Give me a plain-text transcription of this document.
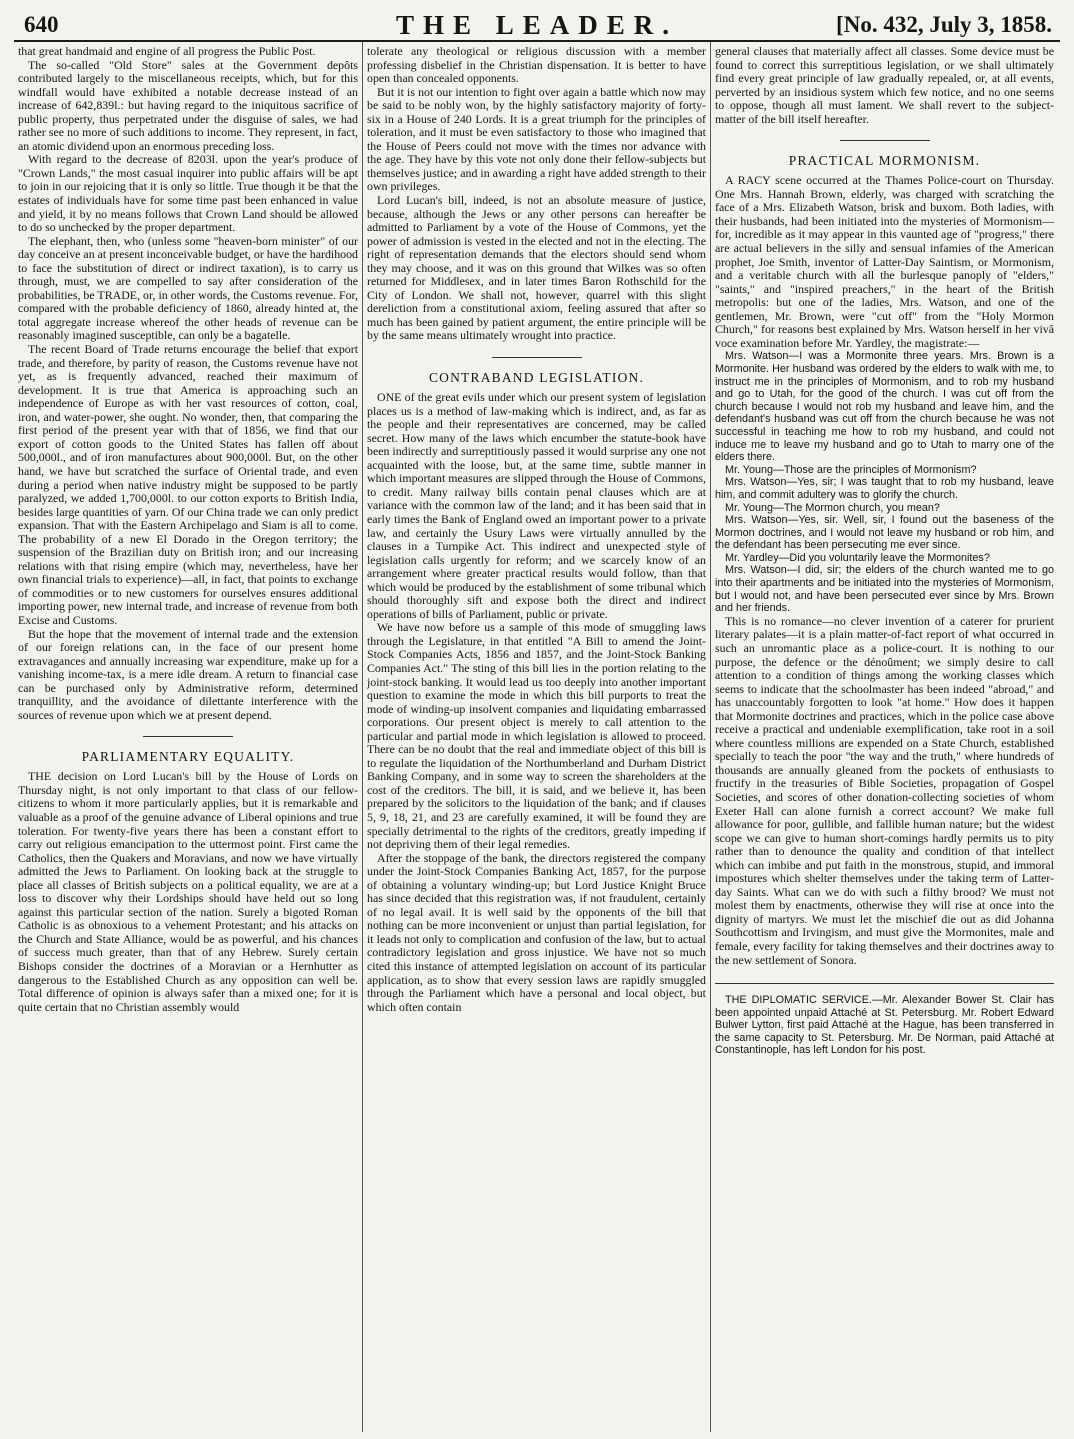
640	THE LEADER.	[No. 432, July 3, 1858.

that great handmaid and engine of all progress the Public Post.

The so-called "Old Store" sales at the Government depôts contributed largely to the miscellaneous receipts, which, but for this windfall would have exhibited a notable decrease instead of an increase of 642,839l.: but having regard to the iniquitous sacrifice of public property, thus perpetrated under the disguise of sales, we had rather see no more of such additions to income. They represent, in fact, an atomic dividend upon an enormous preceding loss.

With regard to the decrease of 8203l. upon the year's produce of "Crown Lands," the most casual inquirer into public affairs will be apt to join in our rejoicing that it is only so little. True though it be that the estates of individuals have for some time past been enhanced in value and yield, it by no means follows that Crown Land should be allowed to do so unchecked by the proper department.

The elephant, then, who (unless some "heaven-born minister" of our day conceive an at present inconceivable budget, or have the hardihood to face the substitution of direct or indirect taxation), is to carry us through, must, we are compelled to say after consideration of the probabilities, be TRADE, or, in other words, the Customs revenue. For, compared with the probable deficiency of 1860, already hinted at, the total aggregate increase whereof the other heads of revenue can be reasonably imagined susceptible, can only be a bagatelle.

The recent Board of Trade returns encourage the belief that export trade, and therefore, by parity of reason, the Customs revenue have not yet, as is frequently advanced, reached their maximum of development. It is true that America is approaching such an independence of Europe as with her vast resources of cotton, coal, iron, and water-power, she ought. No wonder, then, that comparing the first period of the present year with that of 1856, we find that our export of cotton goods to the United States has fallen off about 500,000l., and of iron manufactures about 900,000l. But, on the other hand, we have but scratched the surface of Oriental trade, and even during a period when native industry might be supposed to be partly paralyzed, we added 1,700,000l. to our cotton exports to British India, besides large quantities of yarn. Of our China trade we can only predict expansion. That with the Eastern Archipelago and Siam is all to come. The probability of a new El Dorado in the Oregon territory; the suspension of the Brazilian duty on British iron; and our increasing relations with that rising empire (which may, nevertheless, have her own financial trials to experience)—all, in fact, that points to exchange of commodities or to new customers for ourselves ensures additional importing power, new internal trade, and increase of revenue from both Excise and Customs.

But the hope that the movement of internal trade and the extension of our foreign relations can, in the face of our present home extravagances and annually increasing war expenditure, make up for a vanishing income-tax, is a mere idle dream. A return to financial case can be purchased only by Administrative reform, determined tranquillity, and the avoidance of dilettante interference with the sources of revenue upon which we at present depend.

PARLIAMENTARY EQUALITY.

THE decision on Lord Lucan's bill by the House of Lords on Thursday night, is not only important to that class of our fellow-citizens to whom it more particularly applies, but it is remarkable and valuable as a proof of the genuine advance of Liberal opinions and true toleration. For twenty-five years there has been a constant effort to carry out religious emancipation to the uttermost point. First came the Catholics, then the Quakers and Moravians, and now we have virtually admitted the Jews to Parliament. On looking back at the struggle to place all classes of British subjects on a political equality, we are at a loss to discover why their Lordships should have held out so long against this particular section of the nation. Surely a bigoted Roman Catholic is as obnoxious to a vehement Protestant; and his attacks on the Church and State Alliance, would be as powerful, and his chances of success much greater, than that of any Hebrew. Surely certain Bishops consider the doctrines of a Moravian or a Hernhutter as dangerous to the Established Church as any opposition can well be. Total difference of opinion is always safer than a mixed one; for it is quite certain that no Christian assembly would

tolerate any theological or religious discussion with a member professing disbelief in the Christian dispensation. It is better to have open than concealed opponents.

But it is not our intention to fight over again a battle which now may be said to be nobly won, by the highly satisfactory majority of forty-six in a House of 240 Lords. It is a great triumph for the principles of toleration, and it must be even satisfactory to those who imagined that the House of Peers could not move with the times nor advance with the age. They have by this vote not only done their fellow-subjects but themselves justice; and in awarding a right have added strength to their own privileges.

Lord Lucan's bill, indeed, is not an absolute measure of justice, because, although the Jews or any other persons can hereafter be admitted to Parliament by a vote of the House of Commons, yet the power of admission is vested in the elected and not in the electing. The right of representation demands that the electors should send whom they may choose, and it was on this ground that Wilkes was so often returned for Middlesex, and in later times Baron Rothschild for the City of London. We shall not, however, quarrel with this slight dereliction from a constitutional axiom, feeling assured that after so much has been gained by patient argument, the entire principle will be by the same means ultimately wrought into practice.

CONTRABAND LEGISLATION.

ONE of the great evils under which our present system of legislation places us is a method of law-making which is indirect, and, as far as the people and their representatives are concerned, may be called secret. How many of the laws which encumber the statute-book have been indirectly and surreptitiously passed it would surprise any one not acquainted with the loose, but, at the same time, subtle manner in which important measures are slipped through the House of Commons, to credit. Many railway bills contain penal clauses which are at variance with the common law of the land; and it has been said that in early times the Bank of England owed an important power to a private law, and certainly the Usury Laws were virtually annulled by the clauses in a Turnpike Act. This indirect and unexpected style of legislation calls urgently for reform; and we scarcely know of an arrangement where greater practical results would follow, than that which would be produced by the establishment of some tribunal which should thoroughly sift and expose both the direct and indirect operations of bills of Parliament, public or private.

We have now before us a sample of this mode of smuggling laws through the Legislature, in that entitled "A Bill to amend the Joint-Stock Companies Acts, 1856 and 1857, and the Joint-Stock Banking Companies Act." The sting of this bill lies in the portion relating to the joint-stock banking. It would lead us too deeply into another important question to examine the mode in which this bill purports to treat the mode of winding-up insolvent companies and liquidating embarrassed corporations. Our present object is merely to call attention to the particular and partial mode in which legislation is allowed to proceed. There can be no doubt that the real and immediate object of this bill is to regulate the liquidation of the Northumberland and Durham District Banking Company, and in some way to screen the shareholders at the cost of the creditors. The bill, it is said, and we believe it, has been prepared by the solicitors to the liquidation of the bank; and if clauses 5, 9, 18, 21, and 23 are carefully examined, it will be found they are specially detrimental to the rights of the creditors, greatly impeding if not depriving them of their legal remedies.

After the stoppage of the bank, the directors registered the company under the Joint-Stock Companies Banking Act, 1857, for the purpose of obtaining a voluntary winding-up; but Lord Justice Knight Bruce has since decided that this registration was, if not fraudulent, certainly of no legal avail. It is well said by the opponents of the bill that nothing can be more inconvenient or unjust than partial legislation, for it leads not only to complication and confusion of the law, but to actual contradictory legislation and gross injustice. We have not so much cited this instance of attempted legislation on account of its particular application, as to show that every session laws are rapidly smuggled through the Parliament which have a personal and local object, but which often contain

general clauses that materially affect all classes. Some device must be found to correct this surreptitious legislation, or we shall ultimately find every great principle of law gradually repealed, or, at all events, perverted by an insidious system which few notice, and no one seems to oppose, though all must lament. We shall revert to the subject-matter of the bill itself hereafter.

PRACTICAL MORMONISM.

A RACY scene occurred at the Thames Police-court on Thursday. One Mrs. Hannah Brown, elderly, was charged with scratching the face of a Mrs. Elizabeth Watson, brisk and buxom. Both ladies, with their husbands, had been initiated into the mysteries of Mormonism—for, incredible as it may appear in this vaunted age of "progress," there are actual believers in the silly and sensual infamies of the American prophet, Joe Smith, inventor of Latter-Day Saintism, or Mormonism, and a veritable church with all the burlesque panoply of "elders," "saints," and "inspired preachers," in the heart of the British metropolis: but one of the ladies, Mrs. Watson, and one of the gentlemen, Mr. Brown, were "cut off" from the "Holy Mormon Church," for reasons best explained by Mrs. Watson herself in her vivâ voce examination before Mr. Yardley, the magistrate:—

Mrs. Watson—I was a Mormonite three years. Mrs. Brown is a Mormonite. Her husband was ordered by the elders to walk with me, to instruct me in the principles of Mormonism, and to rob my husband and go to Utah, for the good of the church. I was cut off from the church because I would not rob my husband and leave him, and the defendant's husband was cut off from the church because he was not successful in teaching me how to rob my husband, and could not induce me to leave my husband and go to Utah to marry one of the elders there.

Mr. Young—Those are the principles of Mormonism?

Mrs. Watson—Yes, sir; I was taught that to rob my husband, leave him, and commit adultery was to glorify the church.

Mr. Young—The Mormon church, you mean?

Mrs. Watson—Yes, sir. Well, sir, I found out the baseness of the Mormon doctrines, and I would not leave my husband or rob him, and the defendant has been persecuting me ever since.

Mr. Yardley—Did you voluntarily leave the Mormonites?

Mrs. Watson—I did, sir; the elders of the church wanted me to go into their apartments and be initiated into the mysteries of Mormonism, but I would not, and have been persecuted ever since by Mrs. Brown and her friends.

This is no romance—no clever invention of a caterer for prurient literary palates—it is a plain matter-of-fact report of what occurred in such an unromantic place as a police-court. It is nothing to our purpose, the defence or the dénoûment; we simply desire to call attention to a condition of things among the working classes which seems to indicate that the schoolmaster has been indeed "abroad," and has unaccountably forgotten to look "at home." How does it happen that Mormonite doctrines and practices, which in the police case above receive a practical and undeniable exemplification, take root in a soil where countless millions are expended on a State Church, established specially to teach the poor "the way and the truth," where hundreds of thousands are annually gleaned from the pockets of enthusiasts to fructify in the treasuries of Bible Societies, propagation of Gospel Societies, and scores of other donation-collecting societies of whom Exeter Hall can alone furnish a correct account? We make full allowance for poor, gullible, and fallible human nature; but the widest scope we can give to human short-comings hardly permits us to pity rather than to denounce the quality and condition of that intellect which can imbibe and put faith in the monstrous, stupid, and immoral impostures which shelter themselves under the taking term of Latter-day Saints. What can we do with such a filthy brood? We must not molest them by enactments, otherwise they will rise at once into the dignity of martyrs. We must let the mischief die out as did Johanna Southcottism and Irvingism, and must give the Mormonites, male and female, every facility for taking themselves and their doctrines away to the new settlement of Sonora.

THE DIPLOMATIC SERVICE.—Mr. Alexander Bower St. Clair has been appointed unpaid Attaché at St. Petersburg. Mr. Robert Edward Bulwer Lytton, first paid Attaché at the Hague, has been transferred in the same capacity to St. Petersburg. Mr. De Norman, paid Attaché at Constantinople, has left London for his post.
